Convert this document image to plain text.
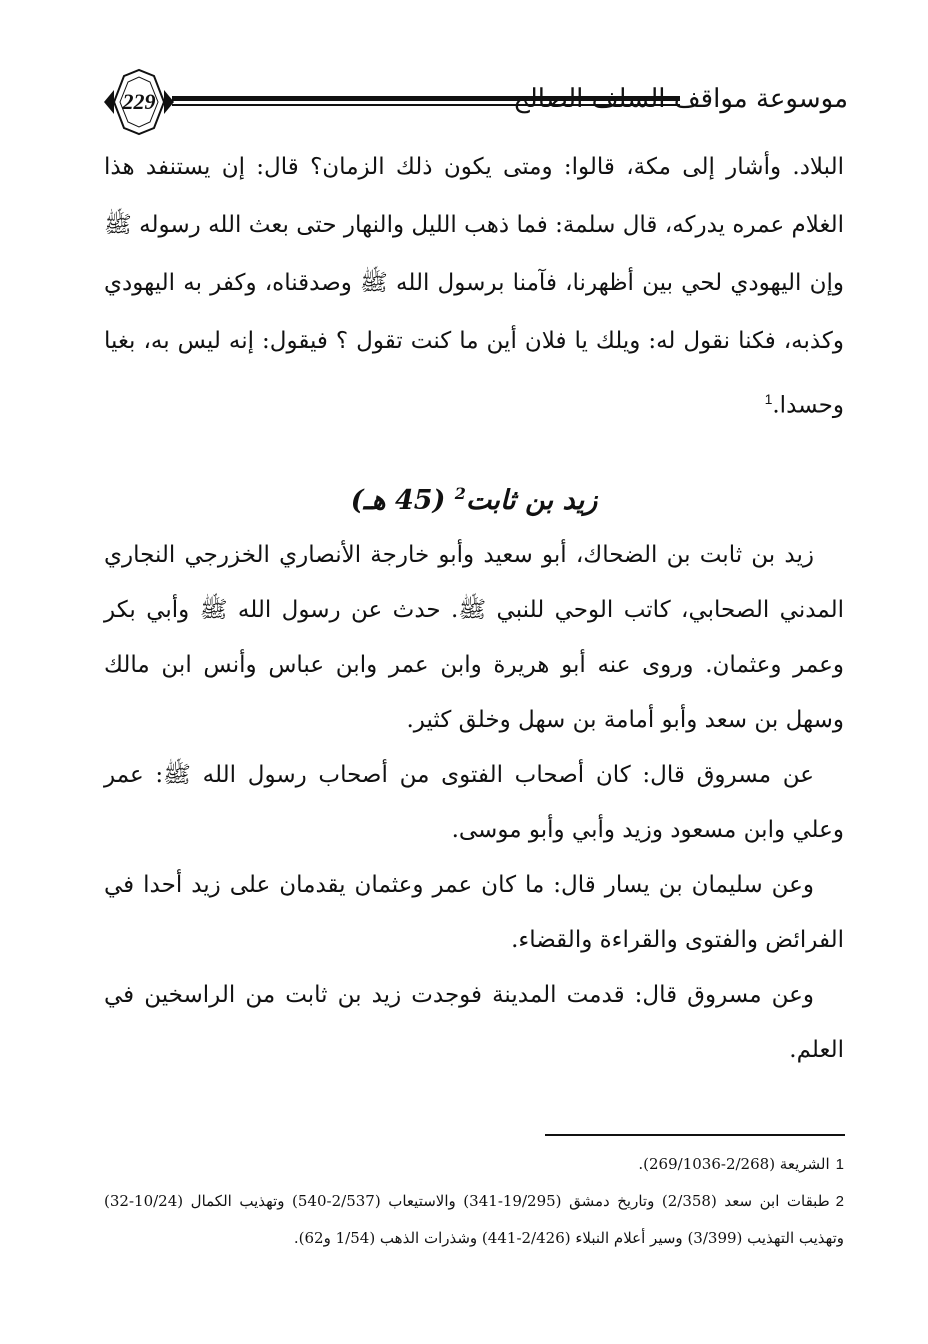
229	موسوعة مواقف السلف الصالح

البلاد. وأشار إلى مكة، قالوا: ومتى يكون ذلك الزمان؟ قال: إن يستنفد هذا الغلام عمره يدركه، قال سلمة: فما ذهب الليل والنهار حتى بعث الله رسوله ﷺ وإن اليهودي لحي بين أظهرنا، فآمنا برسول الله ﷺ وصدقناه، وكفر به اليهودي وكذبه، فكنا نقول له: ويلك يا فلان أين ما كنت تقول ؟ فيقول: إنه ليس به، بغيا وحسدا.$^1$

زيد بن ثابت$^2$ (45 هـ)

زيد بن ثابت بن الضحاك، أبو سعيد وأبو خارجة الأنصاري الخزرجي النجاري المدني الصحابي، كاتب الوحي للنبي ﷺ. حدث عن رسول الله ﷺ وأبي بكر وعمر وعثمان. وروى عنه أبو هريرة وابن عمر وابن عباس وأنس ابن مالك وسهل بن سعد وأبو أمامة بن سهل وخلق كثير.

عن مسروق قال: كان أصحاب الفتوى من أصحاب رسول الله ﷺ: عمر وعلي وابن مسعود وزيد وأبي وأبو موسى.

وعن سليمان بن يسار قال: ما كان عمر وعثمان يقدمان على زيد أحدا في الفرائض والفتوى والقراءة والقضاء.

وعن مسروق قال: قدمت المدينة فوجدت زيد بن ثابت من الراسخين في العلم.

1الشريعة (2/268-269/1036).

2طبقات ابن سعد (2/358) وتاريخ دمشق (19/295-341) والاستيعاب (2/537-540) وتهذيب الكمال (10/24-32) وتهذيب التهذيب (3/399) وسير أعلام النبلاء (2/426-441) وشذرات الذهب (1/54 و62).
